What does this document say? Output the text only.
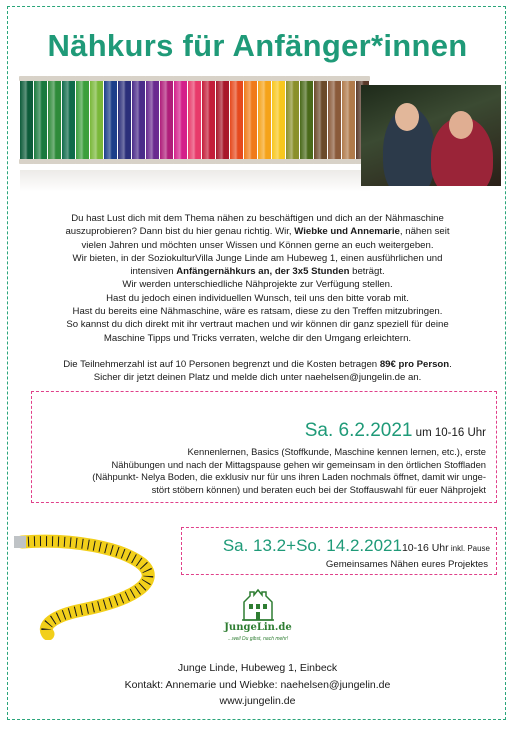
Nähkurs für Anfänger*innen

Du hast Lust dich mit dem Thema nähen zu beschäftigen und dich an der Nähmaschine

auszuprobieren? Dann bist du hier genau richtig. Wir, Wiebke und Annemarie, nähen seit

vielen Jahren und möchten unser Wissen und Können gerne an euch weitergeben.

Wir bieten, in der SoziokulturVilla Junge Linde am Hubeweg 1, einen ausführlichen und

intensiven Anfängernähkurs an, der 3x5 Stunden beträgt.

Wir werden unterschiedliche Nähprojekte zur Verfügung stellen.

Hast du jedoch einen individuellen Wunsch, teil uns den bitte vorab mit.

Hast du bereits eine Nähmaschine, wäre es ratsam, diese zu den Treffen mitzubringen.

So kannst du dich direkt mit ihr vertraut machen und wir können dir ganz speziell für deine

Maschine Tipps und Tricks verraten, welche dir den Umgang erleichtern.

Die Teilnehmerzahl ist auf 10 Personen begrenzt und die Kosten betragen 89€ pro Person.

Sicher dir jetzt deinen Platz und melde dich unter naehelsen@jungelin.de an.

Sa. 6.2.2021 um 10-16 Uhr
Kennenlernen, Basics (Stoffkunde, Maschine kennen lernen, etc.), erste
Nähübungen und nach der Mittagspause gehen wir gemeinsam in den örtlichen Stoffladen
(Nähpunkt- Nelya Boden, die exklusiv nur für uns ihren Laden nochmals öffnet, damit wir unge-
stört stöbern können) und beraten euch bei der Stoffauswahl für euer Nähprojekt
Sa. 13.2+So. 14.2.202110-16 Uhr inkl. Pause
Gemeinsames Nähen eures Projektes
JungeLin.de
...weil Du gibst, nach mehr!

Junge Linde, Hubeweg 1, Einbeck

Kontakt: Annemarie und Wiebke: naehelsen@jungelin.de

www.jungelin.de
